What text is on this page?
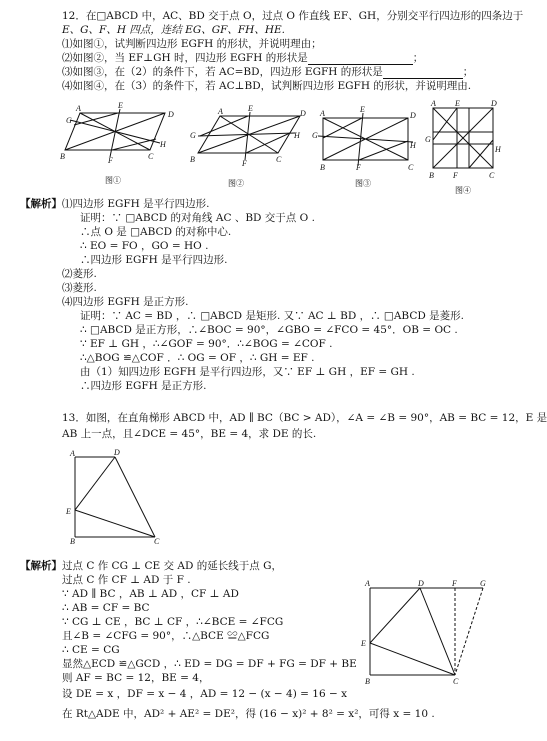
12．在□ABCD 中，AC、BD 交于点 O，过点 O 作直线 EF、GH，分别交平行四边形的四条边于
E、G、F、H 四点，连结 EG、GF、FH、HE.
⑴如图①，试判断四边形 EGFH 的形状，并说明理由；
⑵如图②，当 EF⊥GH 时，四边形 EGFH 的形状是	；
⑶如图③，在（2）的条件下，若 AC=BD，四边形 EGFH 的形状是	；
⑷如图④，在（3）的条件下，若 AC⊥BD，试判断四边形 EGFH 的形状，并说明理由.
A	E
D
G
B	F	C
H
图①
A	E
D
G
B	F	C
H
图②
A	E
D
G
B	F	C
H
图③
A E	D
G
B F	C
H
图④
【解析】⑴四边形 EGFH 是平行四边形.
证明：∵ □ABCD 的对角线 AC 、BD 交于点 O .
∴点 O 是 □ABCD 的对称中心.
∴ EO = FO ，GO = HO .
∴四边形 EGFH 是平行四边形.
⑵菱形.
⑶菱形.
⑷四边形 EGFH 是正方形.
证明：∵ AC = BD ，∴ □ABCD 是矩形. 又∵ AC ⊥ BD ，∴ □ABCD 是菱形.
∴ □ABCD 是正方形，∴∠BOC = 90°，∠GBO = ∠FCO = 45°．OB = OC .
∵ EF ⊥ GH ，∴∠GOF = 90°．∴∠BOG = ∠COF .
∴△BOG ≌△COF ．∴ OG = OF ，∴ GH = EF .
由（1）知四边形 EGFH 是平行四边形，又∵ EF ⊥ GH ，EF = GH .
∴四边形 EGFH 是正方形.
13．如图，在直角梯形 ABCD 中，AD ∥ BC（BC > AD），∠A = ∠B = 90°，AB = BC = 12，E 是
AB 上一点，且∠DCE = 45°，BE = 4，求 DE 的长.
A	D
E
B	C
【解析】过点 C 作 CG ⊥ CE 交 AD 的延长线于点 G，
过点 C 作 CF ⊥ AD 于 F .
∵ AD ∥ BC ，AB ⊥ AD ，CF ⊥ AD
∴ AB = CF = BC
∵ CG ⊥ CE ，BC ⊥ CF ，∴∠BCE = ∠FCG
且∠B = ∠CFG = 90°，∴△BCE ≌△FCG
∴ CE = CG
显然△ECD ≌△GCD ，∴ ED = DG = DF + FG = DF + BE
则 AF = BC = 12，BE = 4，
设 DE = x ，DF = x − 4 ，AD = 12 − (x − 4) = 16 − x
在 Rt△ADE 中，AD² + AE² = DE²，得 (16 − x)² + 8² = x²，可得 x = 10 .
A	D	F	G
E
B	C
